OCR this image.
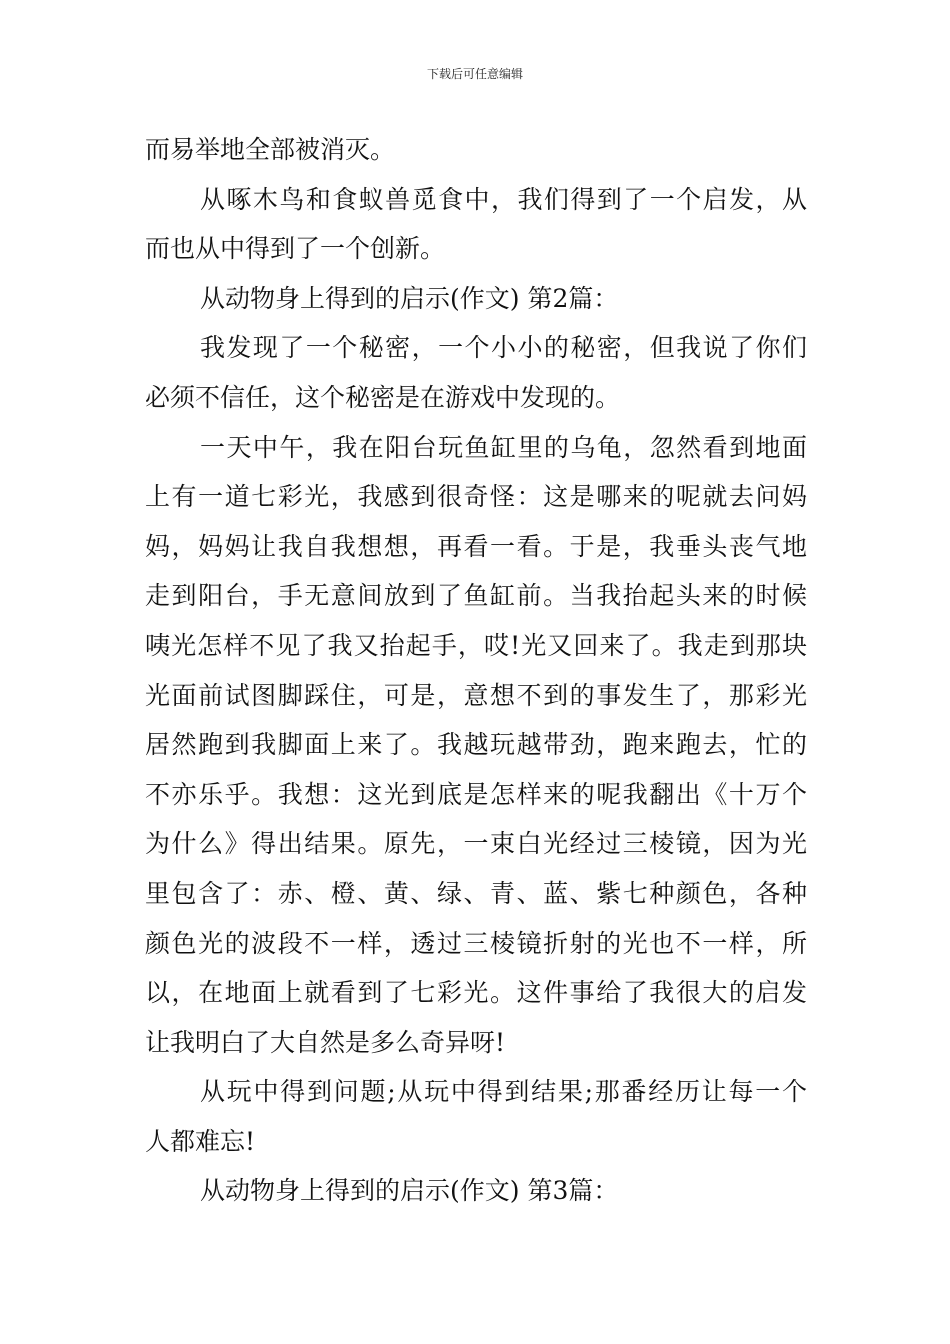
下载后可任意编辑
而易举地全部被消灭。
从啄木鸟和食蚁兽觅食中，我们得到了一个启发，从
而也从中得到了一个创新。
从动物身上得到的启示(作文) 第2篇：
我发现了一个秘密，一个小小的秘密，但我说了你们
必须不信任，这个秘密是在游戏中发现的。
一天中午，我在阳台玩鱼缸里的乌龟，忽然看到地面
上有一道七彩光，我感到很奇怪：这是哪来的呢就去问妈
妈，妈妈让我自我想想，再看一看。于是，我垂头丧气地
走到阳台，手无意间放到了鱼缸前。当我抬起头来的时候
咦光怎样不见了我又抬起手，哎!光又回来了。我走到那块
光面前试图脚踩住，可是，意想不到的事发生了，那彩光
居然跑到我脚面上来了。我越玩越带劲，跑来跑去，忙的
不亦乐乎。我想：这光到底是怎样来的呢我翻出《十万个
为什么》得出结果。原先，一束白光经过三棱镜，因为光
里包含了：赤、橙、黄、绿、青、蓝、紫七种颜色，各种
颜色光的波段不一样，透过三棱镜折射的光也不一样，所
以，在地面上就看到了七彩光。这件事给了我很大的启发
让我明白了大自然是多么奇异呀!
从玩中得到问题;从玩中得到结果;那番经历让每一个
人都难忘!
从动物身上得到的启示(作文) 第3篇：
